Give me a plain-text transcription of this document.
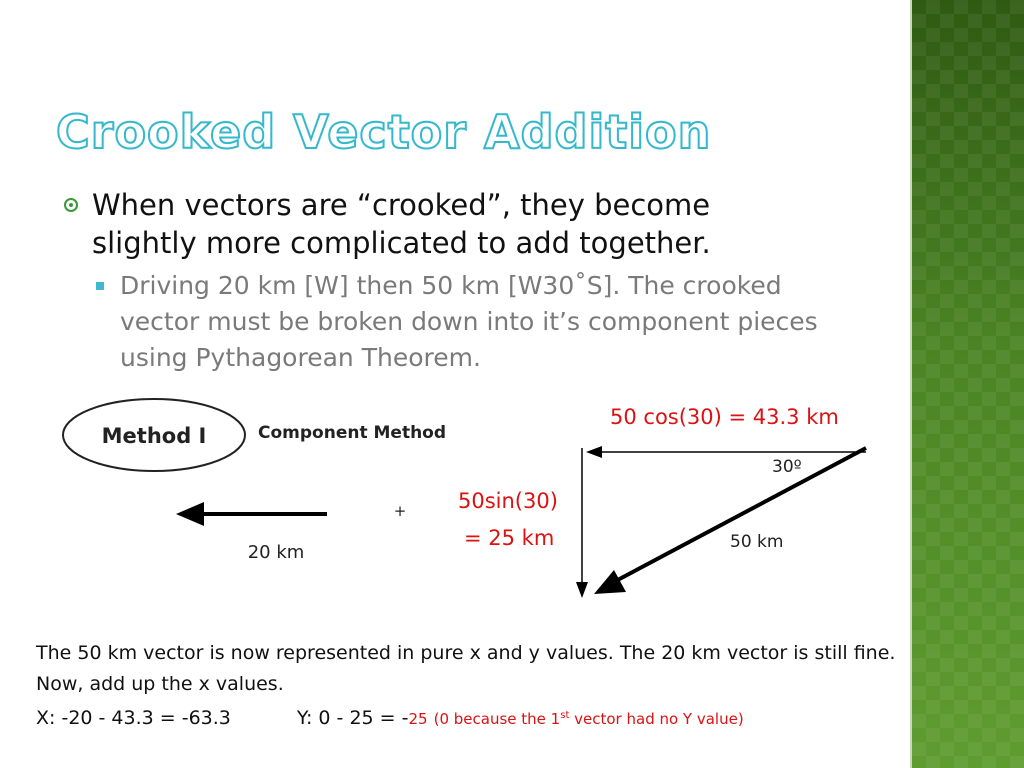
Crooked Vector Addition
When vectors are “crooked”, they become slightly more complicated to add together.
Driving 20 km [W] then 50 km [W30˚S]. The crooked vector must be broken down into it’s component pieces using Pythagorean Theorem.
Method I	Component Method
20 km
+
50 cos(30) = 43.3 km
50sin(30)
= 25 km
30º
50 km
The 50 km vector is now represented in pure x and y values. The 20 km vector is still fine. Now, add up the x values.
X: -20 - 43.3 = -63.3	Y: 0 - 25 = -25 (0 because the 1st vector had no Y value)
